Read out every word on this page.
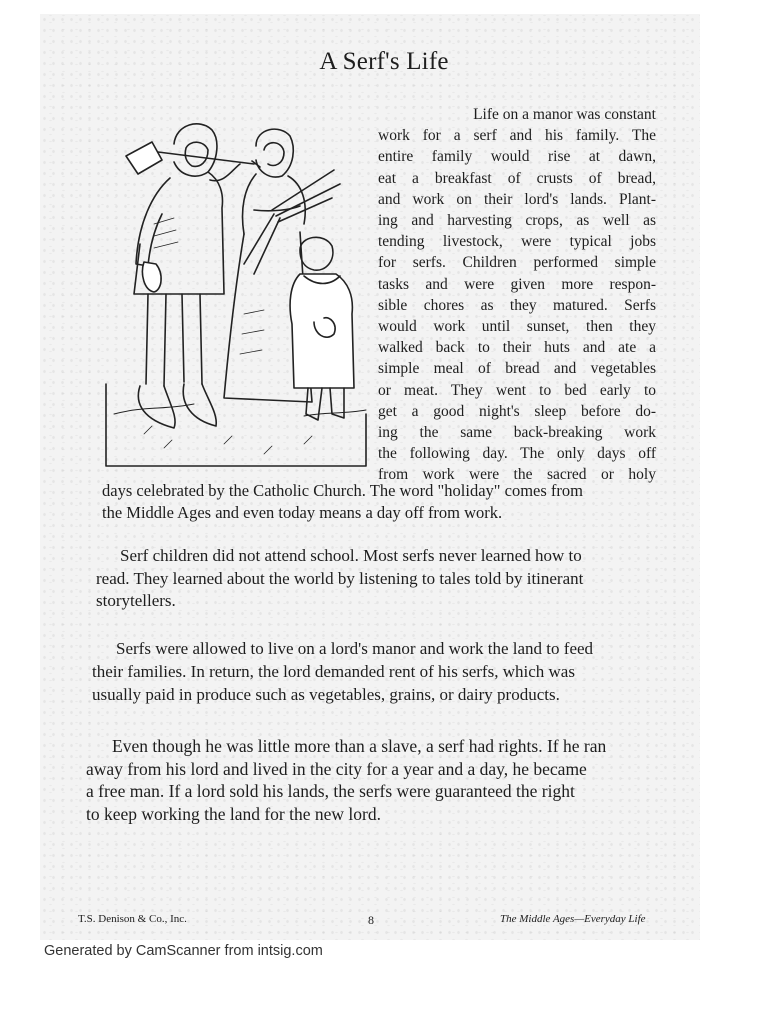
A Serf's Life

Life on a manor was constant
work for a serf and his family. The
entire family would rise at dawn,
eat a breakfast of crusts of bread,
and work on their lord's lands. Plant-
ing and harvesting crops, as well as
tending livestock, were typical jobs
for serfs. Children performed simple
tasks and were given more respon-
sible chores as they matured. Serfs
would work until sunset, then they
walked back to their huts and ate a
simple meal of bread and vegetables
or meat. They went to bed early to
get a good night's sleep before do-
ing the same back-breaking work
the following day. The only days off
from work were the sacred or holy

days celebrated by the Catholic Church. The word "holiday" comes from
the Middle Ages and even today means a day off from work.

Serf children did not attend school. Most serfs never learned how to
read. They learned about the world by listening to tales told by itinerant
storytellers.

Serfs were allowed to live on a lord's manor and work the land to feed
their families. In return, the lord demanded rent of his serfs, which was
usually paid in produce such as vegetables, grains, or dairy products.

Even though he was little more than a slave, a serf had rights. If he ran
away from his lord and lived in the city for a year and a day, he became
a free man. If a lord sold his lands, the serfs were guaranteed the right
to keep working the land for the new lord.

T.S. Denison & Co., Inc.	8	The Middle Ages—Everyday Life

Generated by CamScanner from intsig.com
